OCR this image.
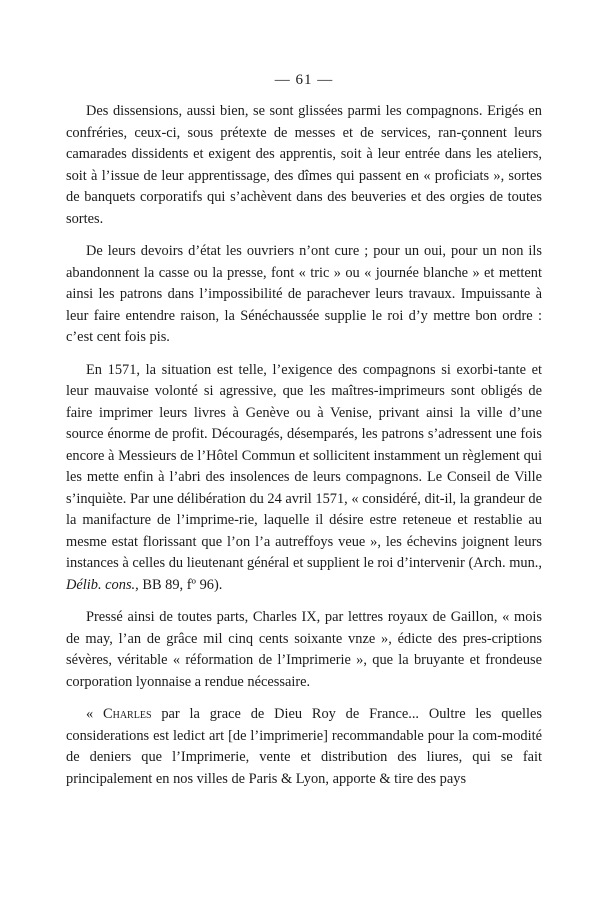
— 61 —

Des dissensions, aussi bien, se sont glissées parmi les compagnons. Erigés en confréries, ceux-ci, sous prétexte de messes et de services, ran-çonnent leurs camarades dissidents et exigent des apprentis, soit à leur entrée dans les ateliers, soit à l’issue de leur apprentissage, des dîmes qui passent en « proficiats », sortes de banquets corporatifs qui s’achèvent dans des beuveries et des orgies de toutes sortes.

De leurs devoirs d’état les ouvriers n’ont cure ; pour un oui, pour un non ils abandonnent la casse ou la presse, font « tric » ou « journée blanche » et mettent ainsi les patrons dans l’impossibilité de parachever leurs travaux. Impuissante à leur faire entendre raison, la Sénéchaussée supplie le roi d’y mettre bon ordre : c’est cent fois pis.

En 1571, la situation est telle, l’exigence des compagnons si exorbi-tante et leur mauvaise volonté si agressive, que les maîtres-imprimeurs sont obligés de faire imprimer leurs livres à Genève ou à Venise, privant ainsi la ville d’une source énorme de profit. Découragés, désemparés, les patrons s’adressent une fois encore à Messieurs de l’Hôtel Commun et sollicitent instamment un règlement qui les mette enfin à l’abri des insolences de leurs compagnons. Le Conseil de Ville s’inquiète. Par une délibération du 24 avril 1571, « considéré, dit-il, la grandeur de la manifacture de l’imprime-rie, laquelle il désire estre reteneue et restablie au mesme estat florissant que l’on l’a autreffoys veue », les échevins joignent leurs instances à celles du lieutenant général et supplient le roi d’intervenir (Arch. mun., Délib. cons., BB 89, fº 96).

Pressé ainsi de toutes parts, Charles IX, par lettres royaux de Gaillon, « mois de may, l’an de grâce mil cinq cents soixante vnze », édicte des pres-criptions sévères, véritable « réformation de l’Imprimerie », que la bruyante et frondeuse corporation lyonnaise a rendue nécessaire.

« Charles par la grace de Dieu Roy de France... Oultre les quelles considerations est ledict art [de l’imprimerie] recommandable pour la com-modité de deniers que l’Imprimerie, vente et distribution des liures, qui se fait principalement en nos villes de Paris & Lyon, apporte & tire des pays
